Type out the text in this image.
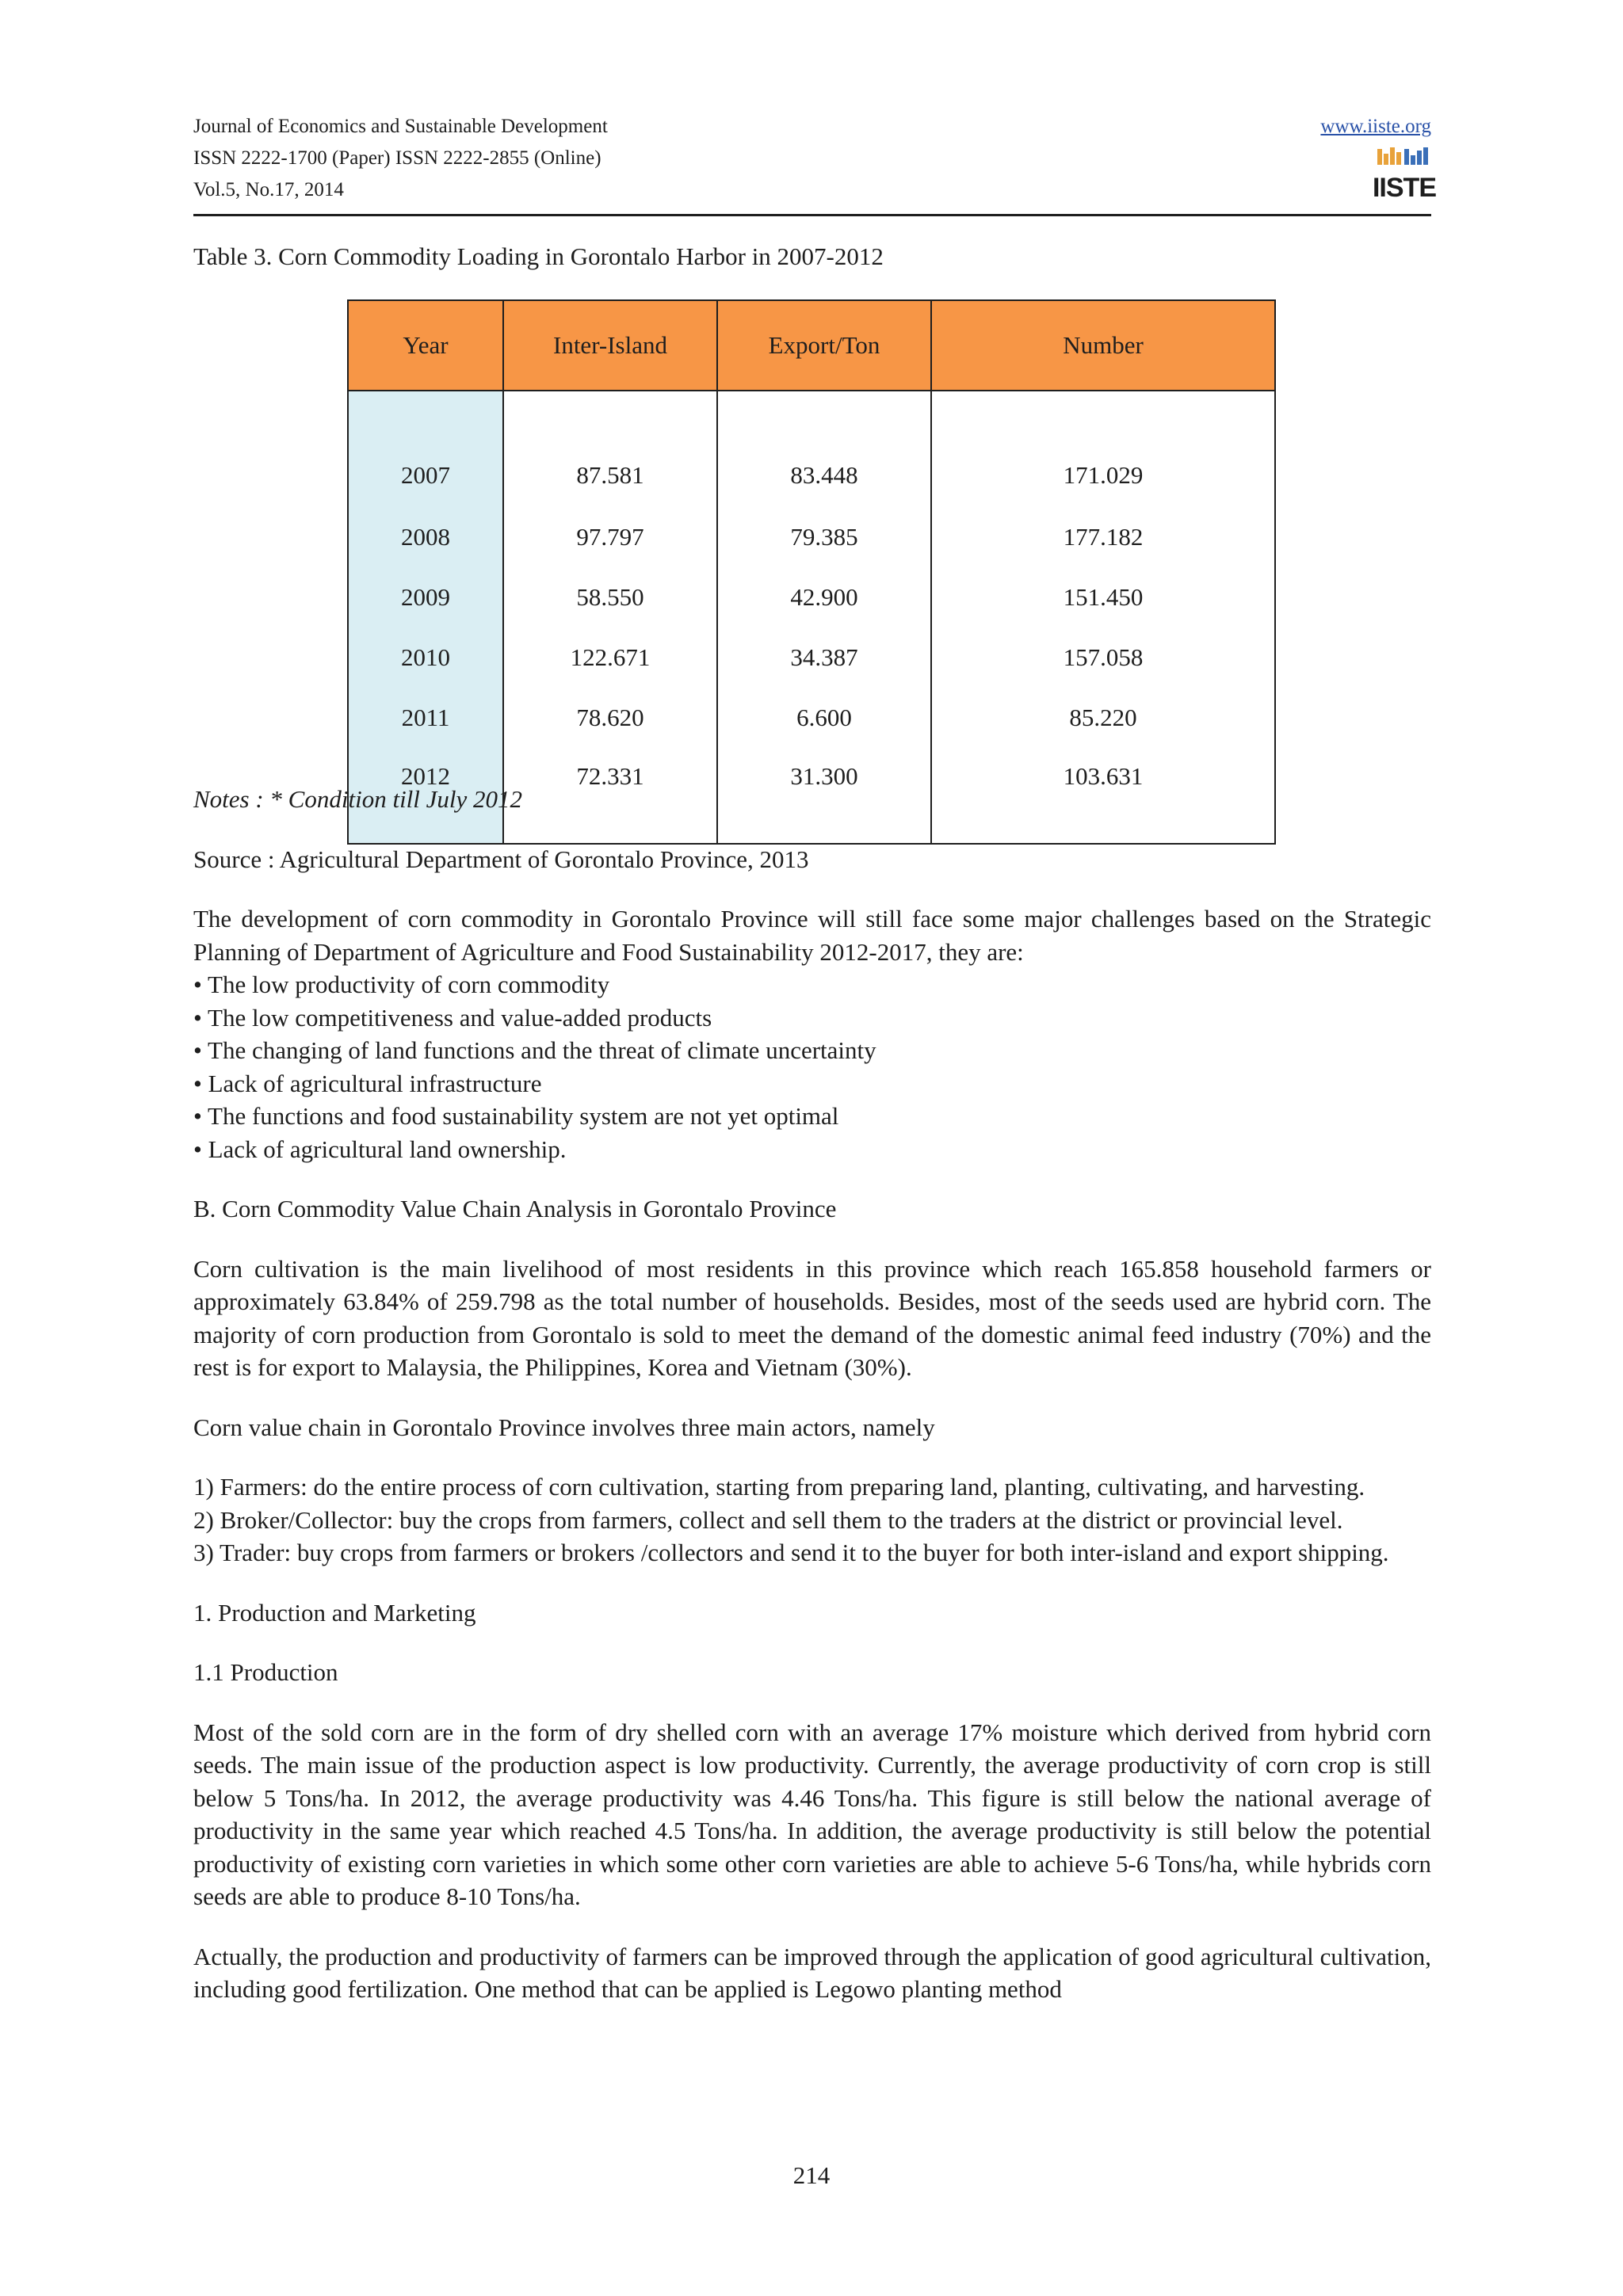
Journal of Economics and Sustainable Development
ISSN 2222-1700 (Paper) ISSN 2222-2855 (Online)
Vol.5, No.17, 2014
www.iiste.org
IISTE
Table 3. Corn Commodity Loading in Gorontalo Harbor in 2007-2012
Year	Inter-Island	Export/Ton	Number
2007	87.581	83.448	171.029
2008	97.797	79.385	177.182
2009	58.550	42.900	151.450
2010	122.671	34.387	157.058
2011	78.620	6.600	85.220
2012	72.331	31.300	103.631

Notes : * Condition till July 2012

Source : Agricultural Department of Gorontalo Province, 2013

The development of corn commodity in Gorontalo Province will still face some major challenges based on the Strategic Planning of Department of Agriculture and Food Sustainability 2012-2017, they are:

• The low productivity of corn commodity
• The low competitiveness and value-added products
• The changing of land functions and the threat of climate uncertainty
• Lack of agricultural infrastructure
• The functions and food sustainability system are not yet optimal
• Lack of agricultural land ownership.

B. Corn Commodity Value Chain Analysis in Gorontalo Province

Corn cultivation is the main livelihood of most residents in this province which reach 165.858 household farmers or approximately 63.84% of 259.798 as the total number of households. Besides, most of the seeds used are hybrid corn. The majority of corn production from Gorontalo is sold to meet the demand of the domestic animal feed industry (70%) and the rest is for export to Malaysia, the Philippines, Korea and Vietnam (30%).

Corn value chain in Gorontalo Province involves three main actors, namely

1) Farmers: do the entire process of corn cultivation, starting from preparing land, planting, cultivating, and harvesting.

2) Broker/Collector: buy the crops from farmers, collect and sell them to the traders at the district or provincial level.

3) Trader: buy crops from farmers or brokers /collectors and send it to the buyer for both inter-island and export shipping.

1. Production and Marketing

1.1 Production

Most of the sold corn are in the form of dry shelled corn with an average 17% moisture which derived from hybrid corn seeds. The main issue of the production aspect is low productivity. Currently, the average productivity of corn crop is still below 5 Tons/ha. In 2012, the average productivity was 4.46 Tons/ha. This figure is still below the national average of productivity in the same year which reached 4.5 Tons/ha. In addition, the average productivity is still below the potential productivity of existing corn varieties in which some other corn varieties are able to achieve 5-6 Tons/ha, while hybrids corn seeds are able to produce 8-10 Tons/ha.

Actually, the production and productivity of farmers can be improved through the application of good agricultural cultivation, including good fertilization. One method that can be applied is Legowo planting method

214
